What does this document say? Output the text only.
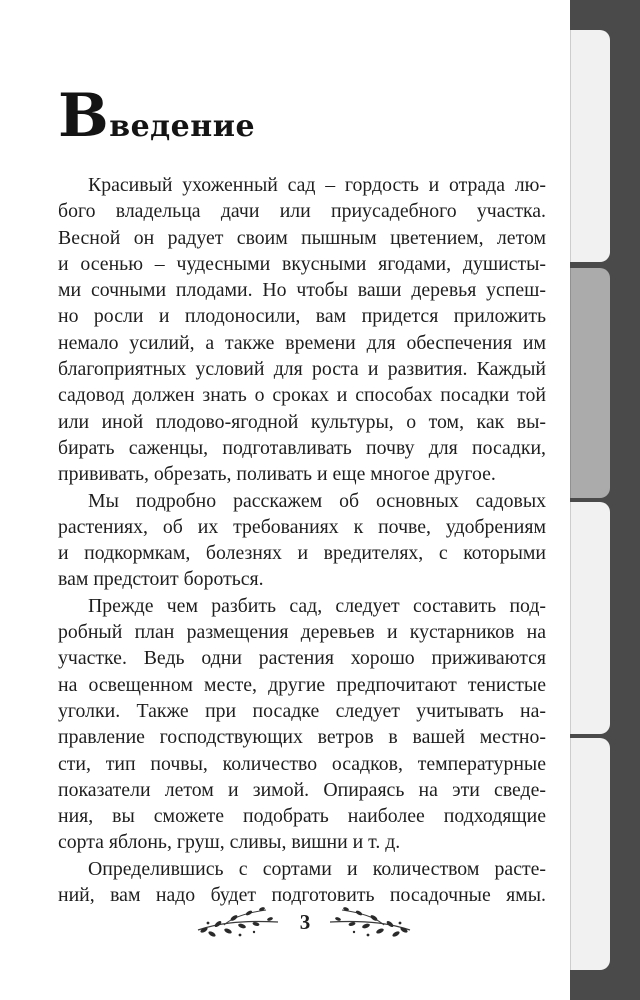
Введение
Красивый ухоженный сад – гордость и отрада лю-
бого владельца дачи или приусадебного участка.
Весной он радует своим пышным цветением, летом
и осенью – чудесными вкусными ягодами, душисты-
ми сочными плодами. Но чтобы ваши деревья успеш-
но росли и плодоносили, вам придется приложить
немало усилий, а также времени для обеспечения им
благоприятных условий для роста и развития. Каждый
садовод должен знать о сроках и способах посадки той
или иной плодово-ягодной культуры, о том, как вы-
бирать саженцы, подготавливать почву для посадки,
прививать, обрезать, поливать и еще многое другое.
Мы подробно расскажем об основных садовых
растениях, об их требованиях к почве, удобрениям
и подкормкам, болезнях и вредителях, с которыми
вам предстоит бороться.
Прежде чем разбить сад, следует составить под-
робный план размещения деревьев и кустарников на
участке. Ведь одни растения хорошо приживаются
на освещенном месте, другие предпочитают тенистые
уголки. Также при посадке следует учитывать на-
правление господствующих ветров в вашей местно-
сти, тип почвы, количество осадков, температурные
показатели летом и зимой. Опираясь на эти сведе-
ния, вы сможете подобрать наиболее подходящие
сорта яблонь, груш, сливы, вишни и т. д.
Определившись с сортами и количеством расте-
ний, вам надо будет подготовить посадочные ямы.
3
